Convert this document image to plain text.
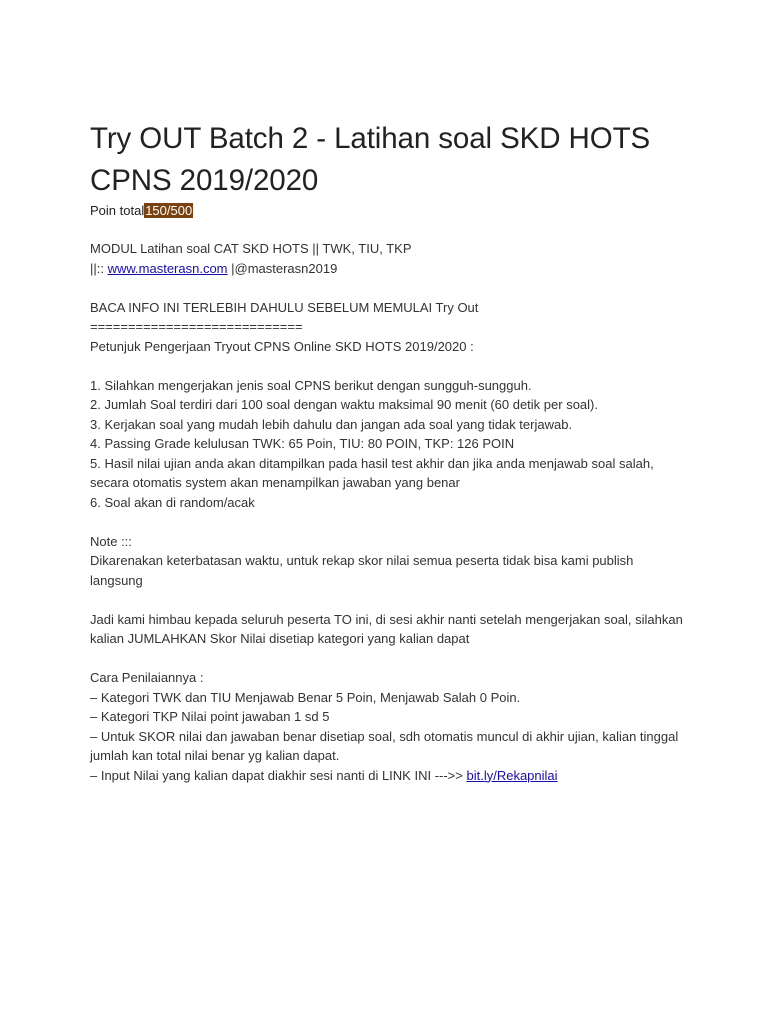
Try OUT Batch 2 - Latihan soal SKD HOTS CPNS 2019/2020
Poin total150/500

MODUL Latihan soal CAT SKD HOTS || TWK, TIU, TKP

||:: www.masterasn.com |@masterasn2019

BACA INFO INI TERLEBIH DAHULU SEBELUM MEMULAI Try Out

============================

Petunjuk Pengerjaan Tryout CPNS Online SKD HOTS 2019/2020 :

1. Silahkan mengerjakan jenis soal CPNS berikut dengan sungguh-sungguh.

2. Jumlah Soal terdiri dari 100 soal dengan waktu maksimal 90 menit (60 detik per soal).

3. Kerjakan soal yang mudah lebih dahulu dan jangan ada soal yang tidak terjawab.

4. Passing Grade kelulusan TWK: 65 Poin, TIU: 80 POIN, TKP: 126 POIN

5. Hasil nilai ujian anda akan ditampilkan pada hasil test akhir dan jika anda menjawab soal salah, secara otomatis system akan menampilkan jawaban yang benar

6. Soal akan di random/acak

Note :::

Dikarenakan keterbatasan waktu, untuk rekap skor nilai semua peserta tidak bisa kami publish langsung

Jadi kami himbau kepada seluruh peserta TO ini, di sesi akhir nanti setelah mengerjakan soal, silahkan kalian JUMLAHKAN Skor Nilai disetiap kategori yang kalian dapat

Cara Penilaiannya :

– Kategori TWK dan TIU Menjawab Benar 5 Poin, Menjawab Salah 0 Poin.

– Kategori TKP Nilai point jawaban 1 sd 5

– Untuk SKOR nilai dan jawaban benar disetiap soal, sdh otomatis muncul di akhir ujian, kalian tinggal jumlah kan total nilai benar yg kalian dapat.

– Input Nilai yang kalian dapat diakhir sesi nanti di LINK INI --->> bit.ly/Rekapnilai
